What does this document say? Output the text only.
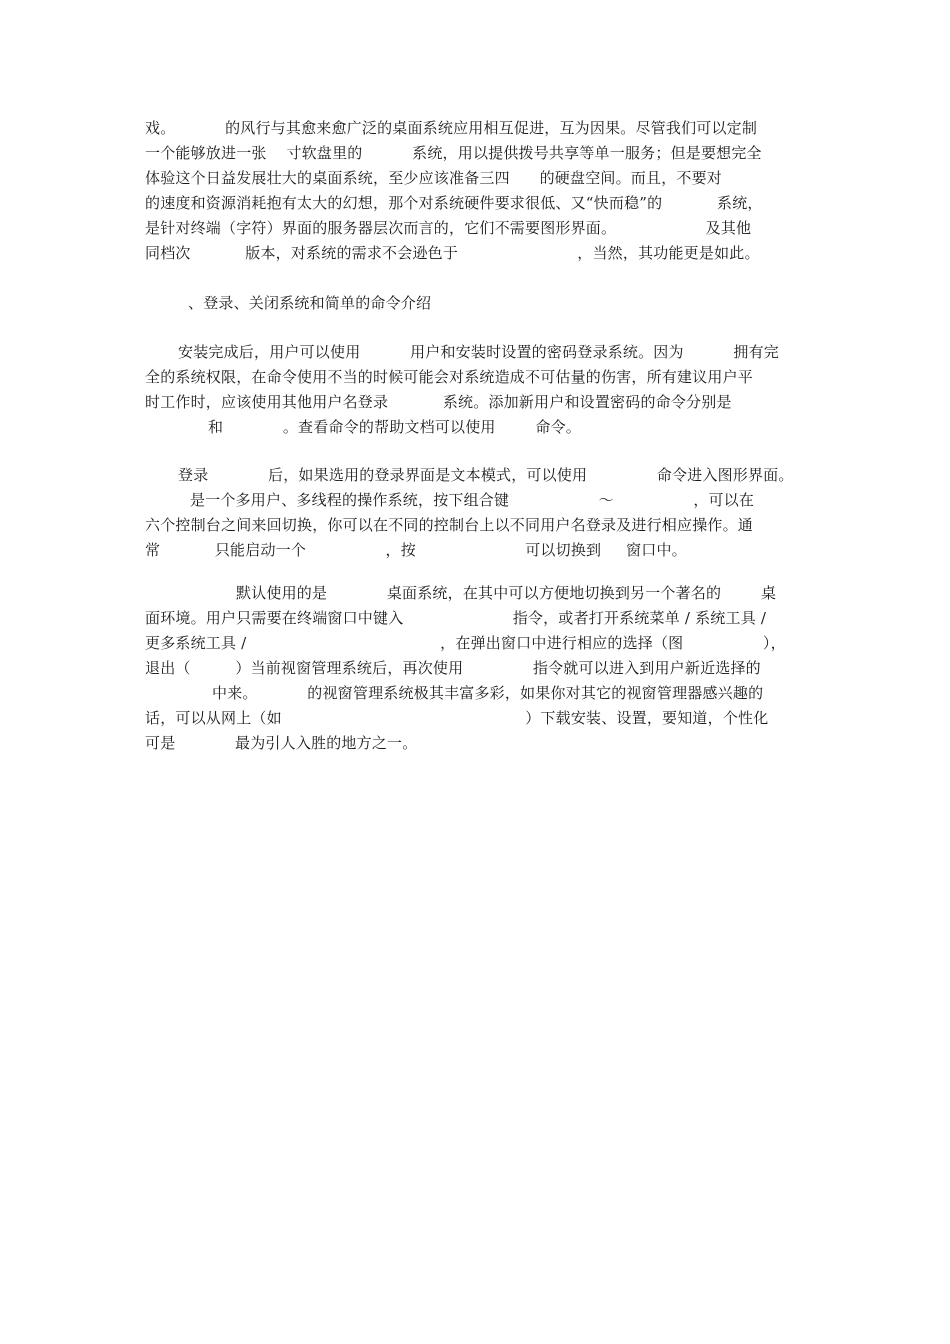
戏。          的风行与其愈来愈广泛的桌面系统应用相互促进，互为因果。尽管我们可以定制
一个能够放进一张    寸软盘里的          系统，用以提供拨号共享等单一服务；但是要想完全
体验这个日益发展壮大的桌面系统，至少应该准备三四      的硬盘空间。而且，不要对
的速度和资源消耗抱有太大的幻想，那个对系统硬件要求很低、又“快而稳”的           系统，
是针对终端（字符）界面的服务器层次而言的，它们不需要图形界面。                  及其他
同档次           版本，对系统的需求不会逊色于                        ，当然，其功能更是如此。
、登录、关闭系统和简单的命令介绍
安装完成后，用户可以使用          用户和安装时设置的密码登录系统。因为          拥有完
全的系统权限，在命令使用不当的时候可能会对系统造成不可估量的伤害，所有建议用户平
时工作时，应该使用其他用户名登录           系统。添加新用户和设置密码的命令分别是
和            。查看命令的帮助文档可以使用        命令。
登录            后，如果选用的登录界面是文本模式，可以使用              命令进入图形界面。
是一个多用户、多线程的操作系统，按下组合键                  ～                ，可以在
六个控制台之间来回切换，你可以在不同的控制台上以不同用户名登录及进行相应操作。通
常           只能启动一个                ，按                      可以切换到     窗口中。
默认使用的是            桌面系统，在其中可以方便地切换到另一个著名的        桌
面环境。用户只需要在终端窗口中键入                      指令，或者打开系统菜单 / 系统工具 /
更多系统工具 /                                       ，在弹出窗口中进行相应的选择（图                ），
退出（         ）当前视窗管理系统后，再次使用              指令就可以进入到用户新近选择的
中来。          的视窗管理系统极其丰富多彩，如果你对其它的视窗管理器感兴趣的
话，可以从网上（如                                                 ）下载安装、设置，要知道，个性化
可是            最为引人入胜的地方之一。
